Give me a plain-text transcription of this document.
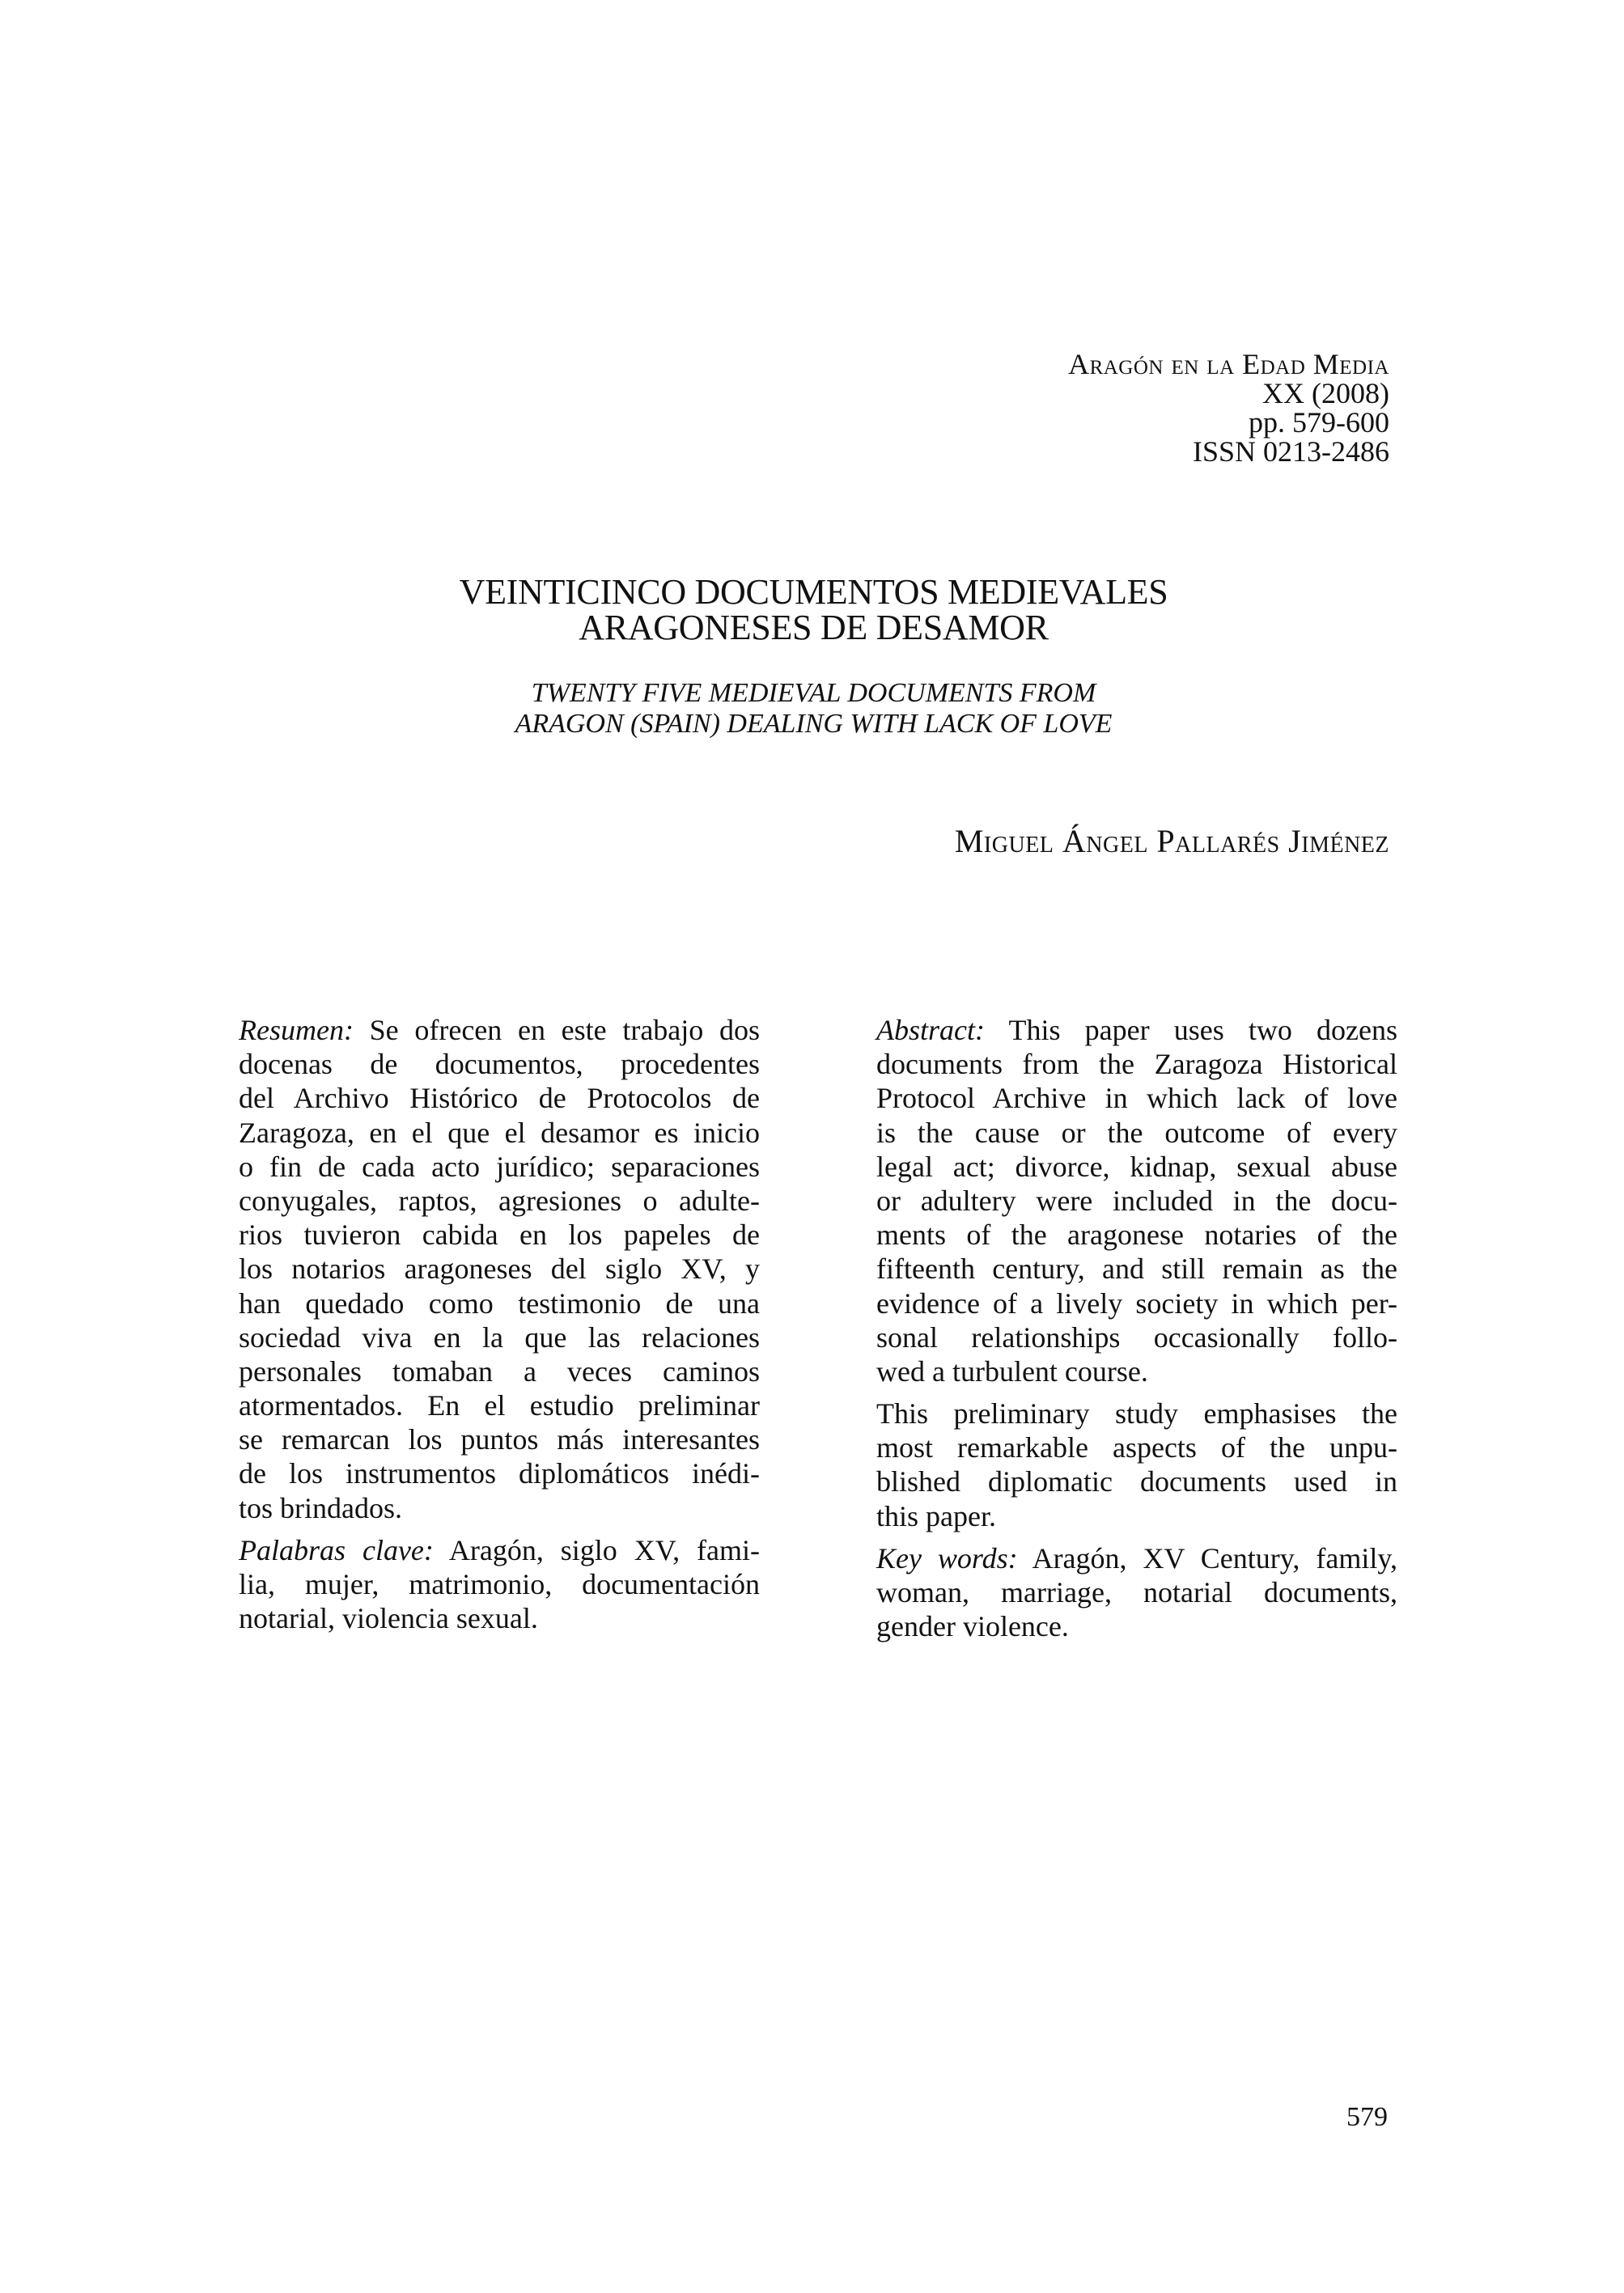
Aragón en la Edad Media
XX (2008)
pp. 579-600
ISSN 0213-2486
VEINTICINCO DOCUMENTOS MEDIEVALES
ARAGONESES DE DESAMOR
TWENTY FIVE MEDIEVAL DOCUMENTS FROM
ARAGON (SPAIN) DEALING WITH LACK OF LOVE
Miguel Ángel Pallarés Jiménez

Resumen: Se ofrecen en este trabajo dos
docenas de documentos, procedentes
del Archivo Histórico de Protocolos de
Zaragoza, en el que el desamor es inicio
o fin de cada acto jurídico; separaciones
conyugales, raptos, agresiones o adulte-
rios tuvieron cabida en los papeles de
los notarios aragoneses del siglo XV, y
han quedado como testimonio de una
sociedad viva en la que las relaciones
personales tomaban a veces caminos
atormentados. En el estudio preliminar
se remarcan los puntos más interesantes
de los instrumentos diplomáticos inédi-
tos brindados.

Palabras clave: Aragón, siglo XV, fami-
lia, mujer, matrimonio, documentación
notarial, violencia sexual.

Abstract: This paper uses two dozens
documents from the Zaragoza Historical
Protocol Archive in which lack of love
is the cause or the outcome of every
legal act; divorce, kidnap, sexual abuse
or adultery were included in the docu-
ments of the aragonese notaries of the
fifteenth century, and still remain as the
evidence of a lively society in which per-
sonal relationships occasionally follo-
wed a turbulent course.

This preliminary study emphasises the
most remarkable aspects of the unpu-
blished diplomatic documents used in
this paper.

Key words: Aragón, XV Century, family,
woman, marriage, notarial documents,
gender violence.

579
